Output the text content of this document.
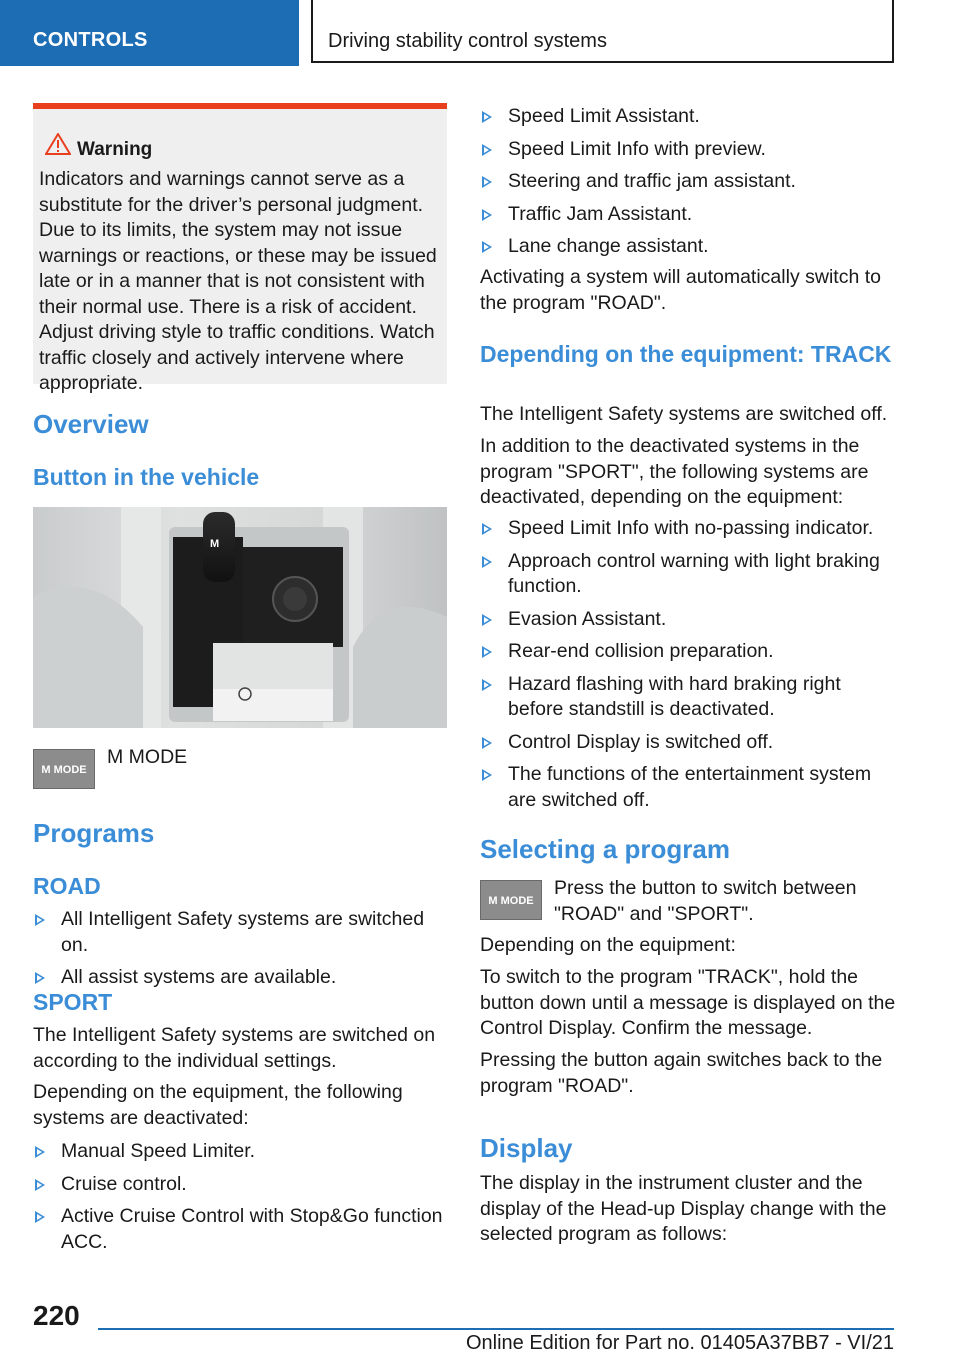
CONTROLS	Driving stability control systems
Warning
Indicators and warnings cannot serve as a substitute for the driver’s personal judgment. Due to its limits, the system may not issue warnings or reactions, or these may be issued late or in a manner that is not consistent with their normal use. There is a risk of accident. Adjust driving style to traffic conditions. Watch traffic closely and actively intervene where appropriate.
Overview
Button in the vehicle
M
M MODE

M MODE

Programs
ROAD
All Intelligent Safety systems are switched on.
All assist systems are available.
SPORT

The Intelligent Safety systems are switched on according to the individual settings.

Depending on the equipment, the following systems are deactivated:

Manual Speed Limiter.
Cruise control.
Active Cruise Control with Stop&Go function ACC.
Speed Limit Assistant.
Speed Limit Info with preview.
Steering and traffic jam assistant.
Traffic Jam Assistant.
Lane change assistant.

Activating a system will automatically switch to the program "ROAD".

Depending on the equipment: TRACK

The Intelligent Safety systems are switched off.

In addition to the deactivated systems in the program "SPORT", the following systems are deactivated, depending on the equipment:

Speed Limit Info with no-passing indicator.
Approach control warning with light braking function.
Evasion Assistant.
Rear-end collision preparation.
Hazard flashing with hard braking right before standstill is deactivated.
Control Display is switched off.
The functions of the entertainment system are switched off.
Selecting a program
M MODE

Press the button to switch between "ROAD" and "SPORT".

Depending on the equipment:

To switch to the program "TRACK", hold the button down until a message is displayed on the Control Display. Confirm the message.

Pressing the button again switches back to the program "ROAD".

Display

The display in the instrument cluster and the display of the Head-up Display change with the selected program as follows:

220
Online Edition for Part no. 01405A37BB7 - VI/21
